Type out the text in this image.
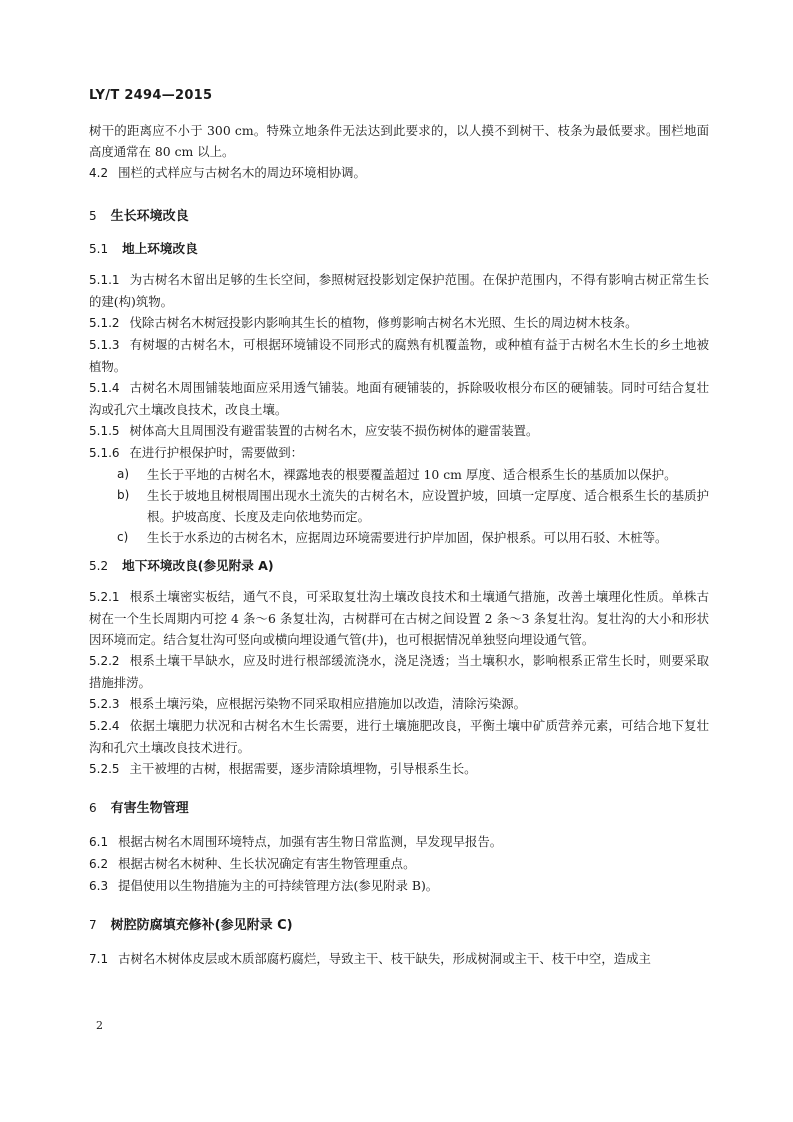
LY/T 2494—2015

树干的距离应不小于 300 cm。特殊立地条件无法达到此要求的，以人摸不到树干、枝条为最低要求。围栏地面高度通常在 80 cm 以上。

4.2 围栏的式样应与古树名木的周边环境相协调。

5 生长环境改良
5.1 地上环境改良

5.1.1 为古树名木留出足够的生长空间，参照树冠投影划定保护范围。在保护范围内，不得有影响古树正常生长的建(构)筑物。

5.1.2 伐除古树名木树冠投影内影响其生长的植物，修剪影响古树名木光照、生长的周边树木枝条。

5.1.3 有树堰的古树名木，可根据环境铺设不同形式的腐熟有机覆盖物，或种植有益于古树名木生长的乡土地被植物。

5.1.4 古树名木周围铺装地面应采用透气铺装。地面有硬铺装的，拆除吸收根分布区的硬铺装。同时可结合复壮沟或孔穴土壤改良技术，改良土壤。

5.1.5 树体高大且周围没有避雷装置的古树名木，应安装不损伤树体的避雷装置。

5.1.6 在进行护根保护时，需要做到：

a)	生长于平地的古树名木，裸露地表的根要覆盖超过 10 cm 厚度、适合根系生长的基质加以保护。
b)	生长于坡地且树根周围出现水土流失的古树名木，应设置护坡，回填一定厚度、适合根系生长的基质护根。护坡高度、长度及走向依地势而定。
c)	生长于水系边的古树名木，应据周边环境需要进行护岸加固，保护根系。可以用石驳、木桩等。
5.2 地下环境改良(参见附录 A)

5.2.1 根系土壤密实板结，通气不良，可采取复壮沟土壤改良技术和土壤通气措施，改善土壤理化性质。单株古树在一个生长周期内可挖 4 条～6 条复壮沟，古树群可在古树之间设置 2 条～3 条复壮沟。复壮沟的大小和形状因环境而定。结合复壮沟可竖向或横向埋设通气管(井)，也可根据情况单独竖向埋设通气管。

5.2.2 根系土壤干旱缺水，应及时进行根部缓流浇水，浇足浇透；当土壤积水，影响根系正常生长时，则要采取措施排涝。

5.2.3 根系土壤污染，应根据污染物不同采取相应措施加以改造，清除污染源。

5.2.4 依据土壤肥力状况和古树名木生长需要，进行土壤施肥改良，平衡土壤中矿质营养元素，可结合地下复壮沟和孔穴土壤改良技术进行。

5.2.5 主干被埋的古树，根据需要，逐步清除填埋物，引导根系生长。

6 有害生物管理

6.1 根据古树名木周围环境特点，加强有害生物日常监测，早发现早报告。

6.2 根据古树名木树种、生长状况确定有害生物管理重点。

6.3 提倡使用以生物措施为主的可持续管理方法(参见附录 B)。

7 树腔防腐填充修补(参见附录 C)

7.1 古树名木树体皮层或木质部腐朽腐烂，导致主干、枝干缺失，形成树洞或主干、枝干中空，造成主

2
